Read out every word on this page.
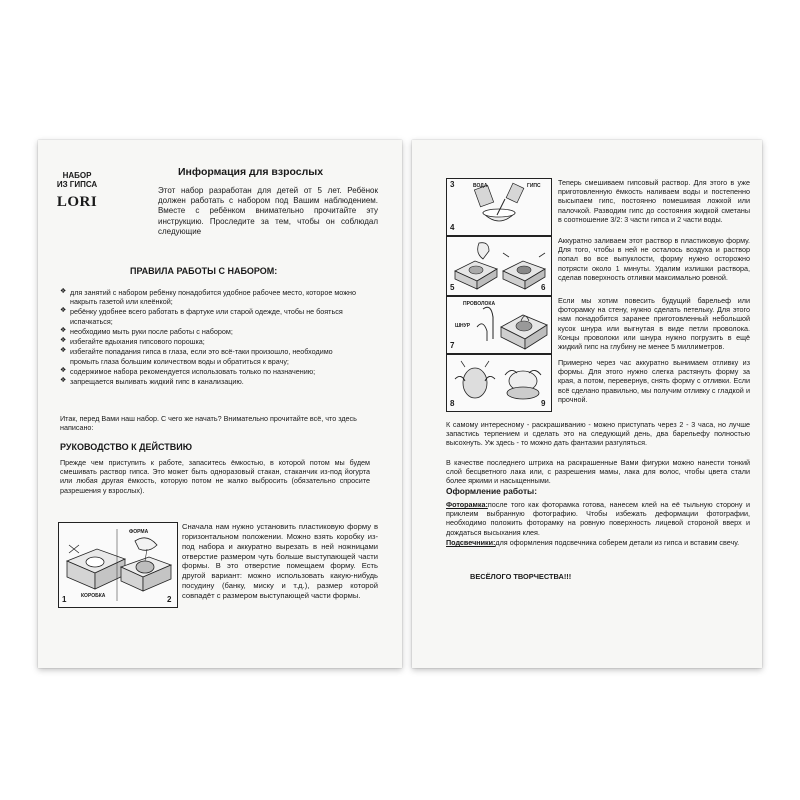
НАБОР
ИЗ ГИПСА
LORI
Информация для взрослых
Этот набор разработан для детей от 5 лет. Ребёнок должен работать с набором под Вашим наблюдением. Вместе с ребёнком внимательно прочитайте эту инструкцию. Проследите за тем, чтобы он соблюдал следующие
ПРАВИЛА РАБОТЫ С НАБОРОМ:
❖ для занятий с набором ребёнку понадобится удобное рабочее место, которое можно накрыть газетой или клеёнкой;
❖ ребёнку удобнее всего работать в фартуке или старой одежде, чтобы не бояться испачкаться;
❖ необходимо мыть руки после работы с набором;
❖ избегайте вдыхания гипсового порошка;
❖ избегайте попадания гипса в глаза, если это всё-таки произошло, необходимо промыть глаза большим количеством воды и обратиться к врачу;
❖ содержимое набора рекомендуется использовать только по назначению;
❖ запрещается выливать жидкий гипс в канализацию.
Итак, перед Вами наш набор. С чего же начать? Внимательно прочитайте всё, что здесь написано:
РУКОВОДСТВО К ДЕЙСТВИЮ
Прежде чем приступить к работе, запаситесь ёмкостью, в которой потом мы будем смешивать раствор гипса. Это может быть одноразовый стакан, стаканчик из-под йогурта или любая другая ёмкость, которую потом не жалко выбросить (обязательно спросите разрешения у взрослых).
ФОРМА
КОРОБКА
1	2
Сначала нам нужно установить пластиковую форму в горизонтальном положении. Можно взять коробку из-под набора и аккуратно вырезать в ней ножницами отверстие размером чуть больше выступающей части формы. В это отверстие помещаем форму. Есть другой вариант: можно использовать какую-нибудь посудину (банку, миску и т.д.), размер которой совпадёт с размером выступающей части формы.
ВОДА	ГИПС
3
4
Теперь смешиваем гипсовый раствор. Для этого в уже приготовленную ёмкость наливаем воды и постепенно высыпаем гипс, постоянно помешивая ложкой или палочкой. Разводим гипс до состояния жидкой сметаны в соотношение 3/2: 3 части гипса и 2 части воды.
5	6
Аккуратно заливаем этот раствор в пластиковую форму. Для того, чтобы в ней не осталось воздуха и раствор попал во все выпуклости, форму нужно осторожно потрясти около 1 минуты. Удалим излишки раствора, сделав поверхность отливки максимально ровной.
ПРОВОЛОКА
ШНУР
7
Если мы хотим повесить будущий барельеф или фоторамку на стену, нужно сделать петельку. Для этого нам понадобится заранее приготовленный небольшой кусок шнура или выгнутая в виде петли проволока. Концы проволоки или шнура нужно погрузить в ещё жидкий гипс на глубину не менее 5 миллиметров.
8	9
Примерно через час аккуратно вынимаем отливку из формы. Для этого нужно слегка растянуть форму за края, а потом, перевернув, снять форму с отливки. Если всё сделано правильно, мы получим отливку с гладкой и прочной.
К самому интересному - раскрашиванию - можно приступать через 2 - 3 часа, но лучше запастись терпением и сделать это на следующий день, два барельефу полностью высохнуть. Уж здесь - то можно дать фантазии разгуляться.
В качестве последнего штриха на раскрашенные Вами фигурки можно нанести тонкий слой бесцветного лака или, с разрешения мамы, лака для волос, чтобы цвета стали более яркими и насыщенными.
Оформление работы:
Фоторамка:после того как фоторамка готова, нанесем клей на её тыльную сторону и приклеим выбранную фотографию. Чтобы избежать деформации фотографии, необходимо положить фоторамку на ровную поверхность лицевой стороной вверх и дождаться высыхания клея.
Подсвечники:для оформления подсвечника соберем детали из гипса и вставим свечу.
ВЕСЁЛОГО ТВОРЧЕСТВА!!!
